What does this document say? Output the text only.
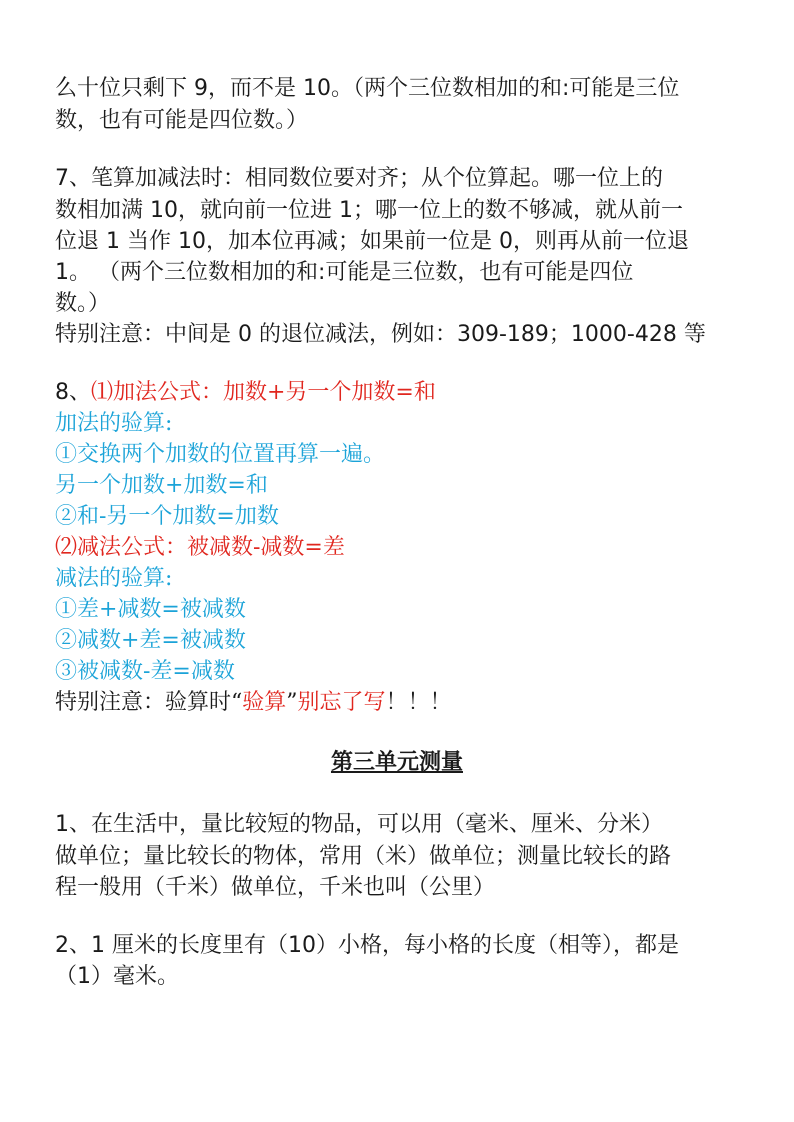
么十位只剩下 9，而不是 10。（两个三位数相加的和:可能是三位
数，也有可能是四位数。）
7、笔算加减法时：相同数位要对齐；从个位算起。哪一位上的
数相加满 10，就向前一位进 1；哪一位上的数不够减，就从前一
位退 1 当作 10，加本位再减；如果前一位是 0，则再从前一位退
1。 （两个三位数相加的和:可能是三位数，也有可能是四位
数。）
特别注意：中间是 0 的退位减法，例如：309-189；1000-428 等
8、⑴加法公式：加数+另一个加数=和
加法的验算:
①交换两个加数的位置再算一遍。
另一个加数+加数=和
②和-另一个加数=加数
⑵减法公式：被减数-减数=差
减法的验算:
①差+减数=被减数
②减数+差=被减数
③被减数-差=减数
特别注意：验算时“验算”别忘了写！！！
第三单元测量
1、在生活中，量比较短的物品，可以用（毫米、厘米、分米）
做单位；量比较长的物体，常用（米）做单位；测量比较长的路
程一般用（千米）做单位，千米也叫（公里）
2、1 厘米的长度里有（10）小格，每小格的长度（相等），都是
（1）毫米。
